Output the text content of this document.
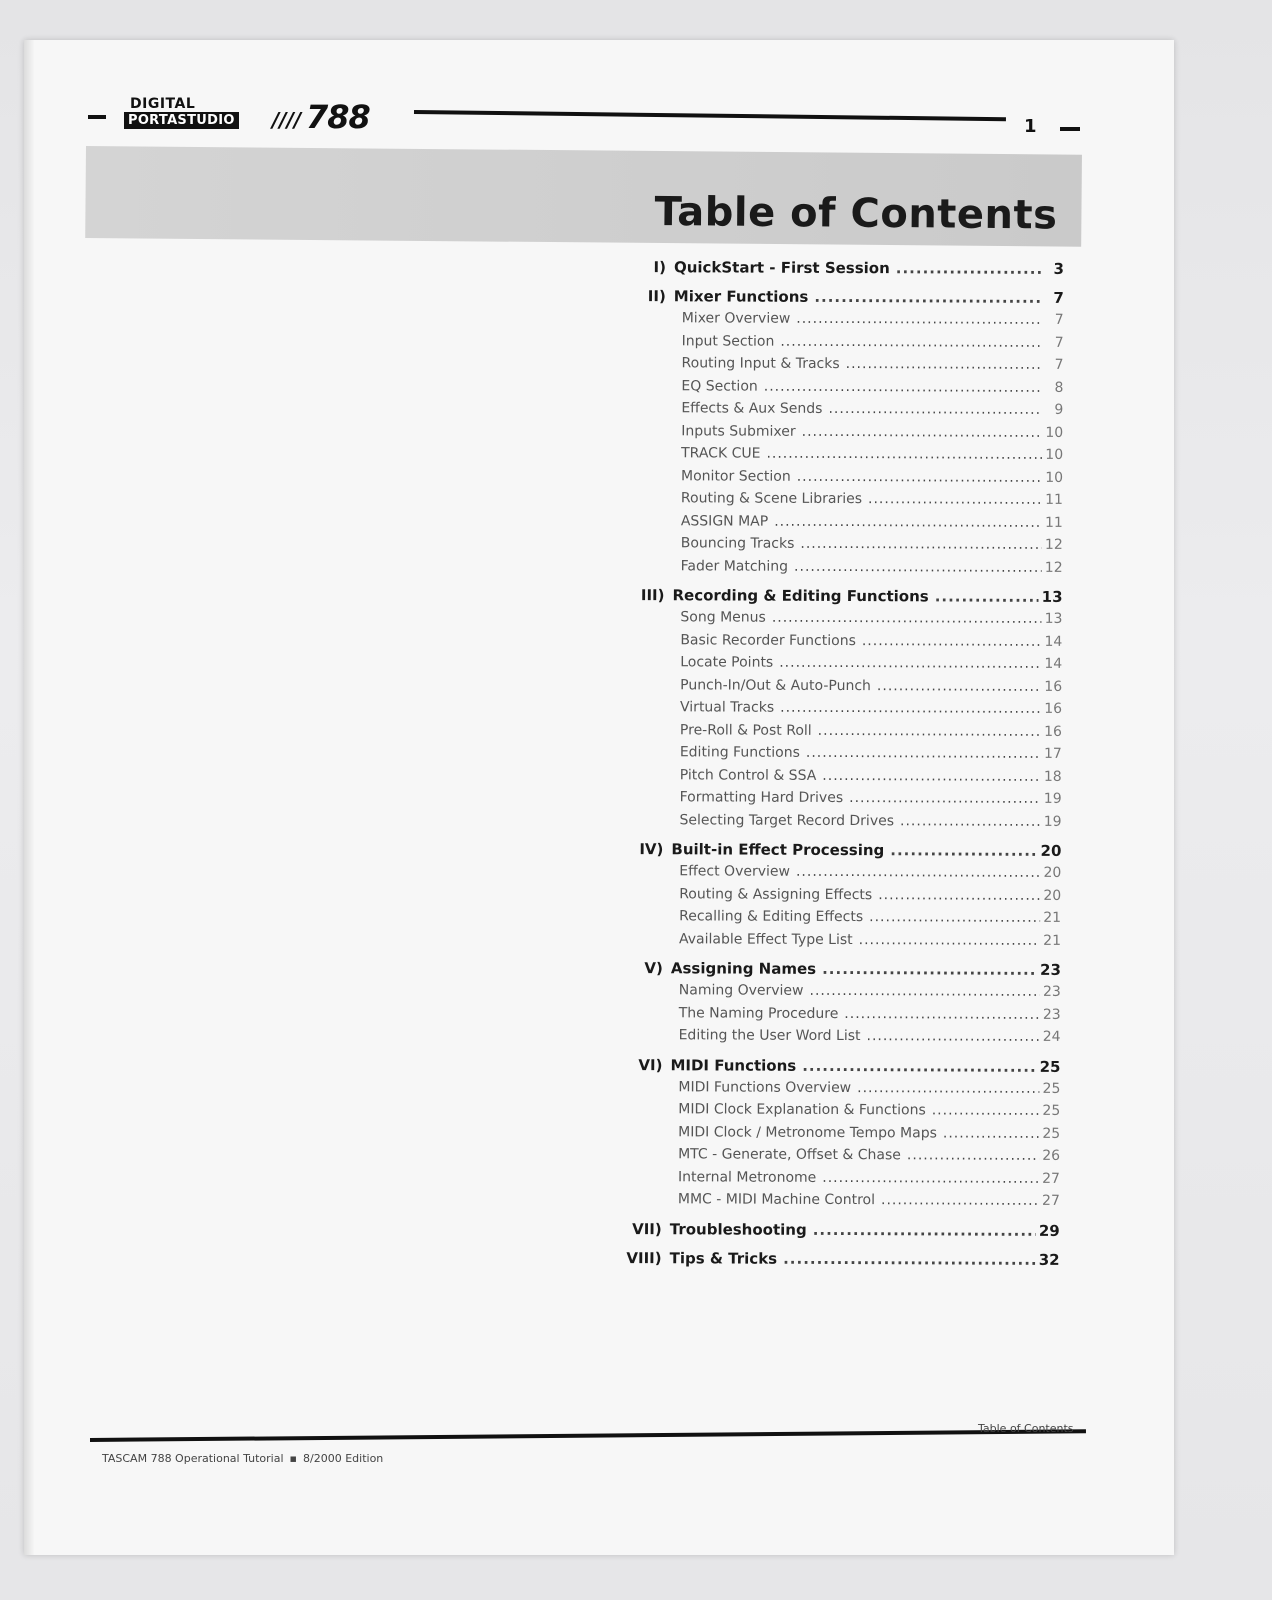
DIGITAL
PORTASTUDIO //// 788	1
Table of Contents
I) QuickStart - First Session .....	3
II) Mixer Functions .....	7
Mixer Overview .....	7
Input Section .....	7
Routing Input & Tracks .....	7
EQ Section .....	8
Effects & Aux Sends .....	9
Inputs Submixer .....	10
TRACK CUE .....	10
Monitor Section .....	10
Routing & Scene Libraries .....	11
ASSIGN MAP .....	11
Bouncing Tracks .....	12
Fader Matching .....	12
III) Recording & Editing Functions .....	13
Song Menus .....	13
Basic Recorder Functions .....	14
Locate Points .....	14
Punch-In/Out & Auto-Punch .....	16
Virtual Tracks .....	16
Pre-Roll & Post Roll .....	16
Editing Functions .....	17
Pitch Control & SSA .....	18
Formatting Hard Drives .....	19
Selecting Target Record Drives .....	19
IV) Built-in Effect Processing .....	20
Effect Overview .....	20
Routing & Assigning Effects .....	20
Recalling & Editing Effects .....	21
Available Effect Type List .....	21
V) Assigning Names .....	23
Naming Overview .....	23
The Naming Procedure .....	23
Editing the User Word List .....	24
VI) MIDI Functions .....	25
MIDI Functions Overview .....	25
MIDI Clock Explanation & Functions .....	25
MIDI Clock / Metronome Tempo Maps .....	25
MTC - Generate, Offset & Chase .....	26
Internal Metronome .....	27
MMC - MIDI Machine Control .....	27
VII) Troubleshooting .....	29
VIII) Tips & Tricks .....	32
Table of Contents
TASCAM 788 Operational Tutorial ▪ 8/2000 Edition
